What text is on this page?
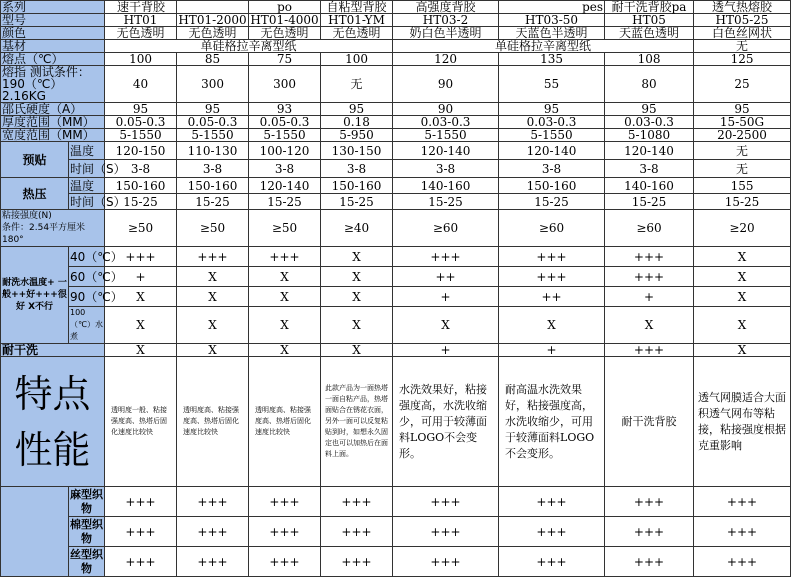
系列		速干背胶		po	自粘型背胶	高强度背胶	pes	耐干洗背胶pa	透气热熔胶
型号		HT01	HT01-2000	HT01-4000	HT01-YM	HT03-2	HT03-50	HT05	HT05-25
颜色		无色透明	无色透明	无色透明	无色透明	奶白色半透明	天蓝色半透明	天蓝色透明	白色丝网状
基材		单硅格拉辛离型纸				单硅格拉辛离型纸			无
熔点（℃）		100	85	75	100	120	135	108	125
熔指 测试条件：190（℃）2.16KG		40	300	300	无	90	55	80	25
邵氏硬度（A）		95	95	93	95	90	95	95	95
厚度范围（MM）		0.05-0.3	0.05-0.3	0.05-0.3	0.18	0.03-0.3	0.03-0.3	0.03-0.3	15-50G
宽度范围（MM）		5-1550	5-1550	5-1550	5-950	5-1550	5-1550	5-1080	20-2500
预贴	温度	120-150	110-130	100-120	130-150	120-140	120-140	120-140	无
	时间（S）	3-8	3-8	3-8	3-8	3-8	3-8	3-8	无
热压	温度	150-160	150-160	120-140	150-160	140-160	150-160	140-160	155
	时间（S）	15-25	15-25	15-25	15-25	15-25	15-25	15-25	15-25

粘接强度(N)
条件：2.54平方厘米180°		≥50	≥50	≥50	≥40	≥60	≥60	≥60	≥20
耐洗水温度+ 一般++好+++很好 X不行	40（℃）	+++	+++	+++	X	+++	+++	+++	X
	60（℃）	+	X	X	X	++	+++	+++	X
	90（℃）	X	X	X	X	+	++	+	X
	100（℃）水煮	X	X	X	X	X	X	X	X
耐干洗		X	X	X	X	+	+	+++	X
特点性能		透明度一般、粘接强度高、热塔后固化速度比较快	透明度高、粘接强度高、热塔后固化速度比较快	透明度高、粘接强度高、热塔后固化速度比较快	此款产品为一面热塔一面自粘产品，热塔面贴合在锈花衣面，另外一面可以反复粘贴到时，如想永久固定也可以加热后在面料上面。	水洗效果好，粘接强度高，水洗收缩少，可用于较薄面料LOGO不会变形。	耐高温水洗效果好，粘接强度高，水洗收缩少，可用于较薄面料LOGO不会变形。	耐干洗背胶	透气网膜适合大面积透气网布等粘接，粘接强度根据克重影响
	麻型织物	+++	+++	+++	+++	+++	+++	+++	+++
	棉型织物	+++	+++	+++	+++	+++	+++	+++	+++
	丝型织物	+++	+++	+++	+++	+++	+++	+++	+++
